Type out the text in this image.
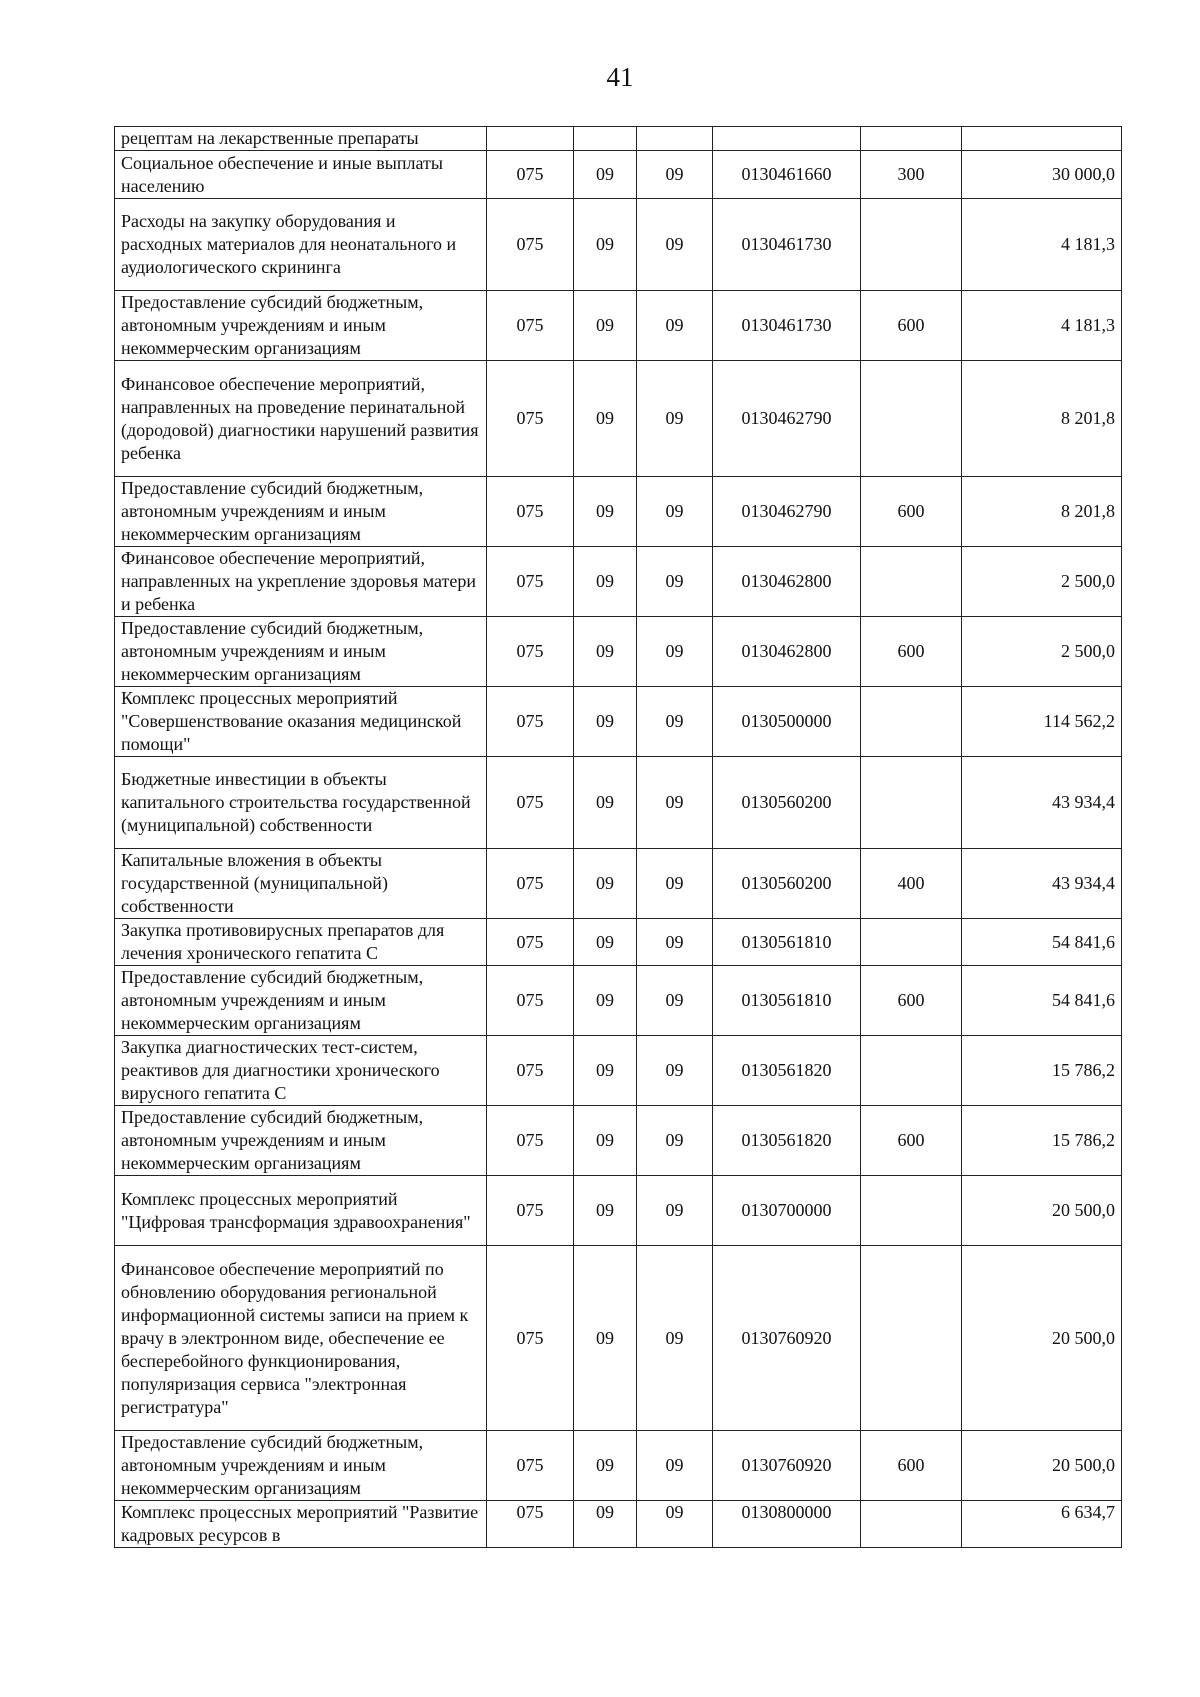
41
рецептам на лекарственные препараты						
Социальное обеспечение и иные выплаты населению	075	09	09	0130461660	300	30 000,0
Расходы на закупку оборудования и расходных материалов для неонатального и аудиологического скрининга	075	09	09	0130461730		4 181,3
Предоставление субсидий бюджетным, автономным учреждениям и иным некоммерческим организациям	075	09	09	0130461730	600	4 181,3
Финансовое обеспечение мероприятий, направленных на проведение перинатальной (дородовой) диагностики нарушений развития ребенка	075	09	09	0130462790		8 201,8
Предоставление субсидий бюджетным, автономным учреждениям и иным некоммерческим организациям	075	09	09	0130462790	600	8 201,8
Финансовое обеспечение мероприятий, направленных на укрепление здоровья матери и ребенка	075	09	09	0130462800		2 500,0
Предоставление субсидий бюджетным, автономным учреждениям и иным некоммерческим организациям	075	09	09	0130462800	600	2 500,0
Комплекс процессных мероприятий "Совершенствование оказания медицинской помощи"	075	09	09	0130500000		114 562,2
Бюджетные инвестиции в объекты капитального строительства государственной (муниципальной) собственности	075	09	09	0130560200		43 934,4
Капитальные вложения в объекты государственной (муниципальной) собственности	075	09	09	0130560200	400	43 934,4
Закупка противовирусных препаратов для лечения хронического гепатита С	075	09	09	0130561810		54 841,6
Предоставление субсидий бюджетным, автономным учреждениям и иным некоммерческим организациям	075	09	09	0130561810	600	54 841,6
Закупка диагностических тест-систем, реактивов для диагностики хронического вирусного гепатита С	075	09	09	0130561820		15 786,2
Предоставление субсидий бюджетным, автономным учреждениям и иным некоммерческим организациям	075	09	09	0130561820	600	15 786,2
Комплекс процессных мероприятий "Цифровая трансформация здравоохранения"	075	09	09	0130700000		20 500,0
Финансовое обеспечение мероприятий по обновлению оборудования региональной информационной системы записи на прием к врачу в электронном виде, обеспечение ее бесперебойного функционирования, популяризация сервиса "электронная регистратура"	075	09	09	0130760920		20 500,0
Предоставление субсидий бюджетным, автономным учреждениям и иным некоммерческим организациям	075	09	09	0130760920	600	20 500,0
Комплекс процессных мероприятий "Развитие кадровых ресурсов в	075	09	09	0130800000		6 634,7
